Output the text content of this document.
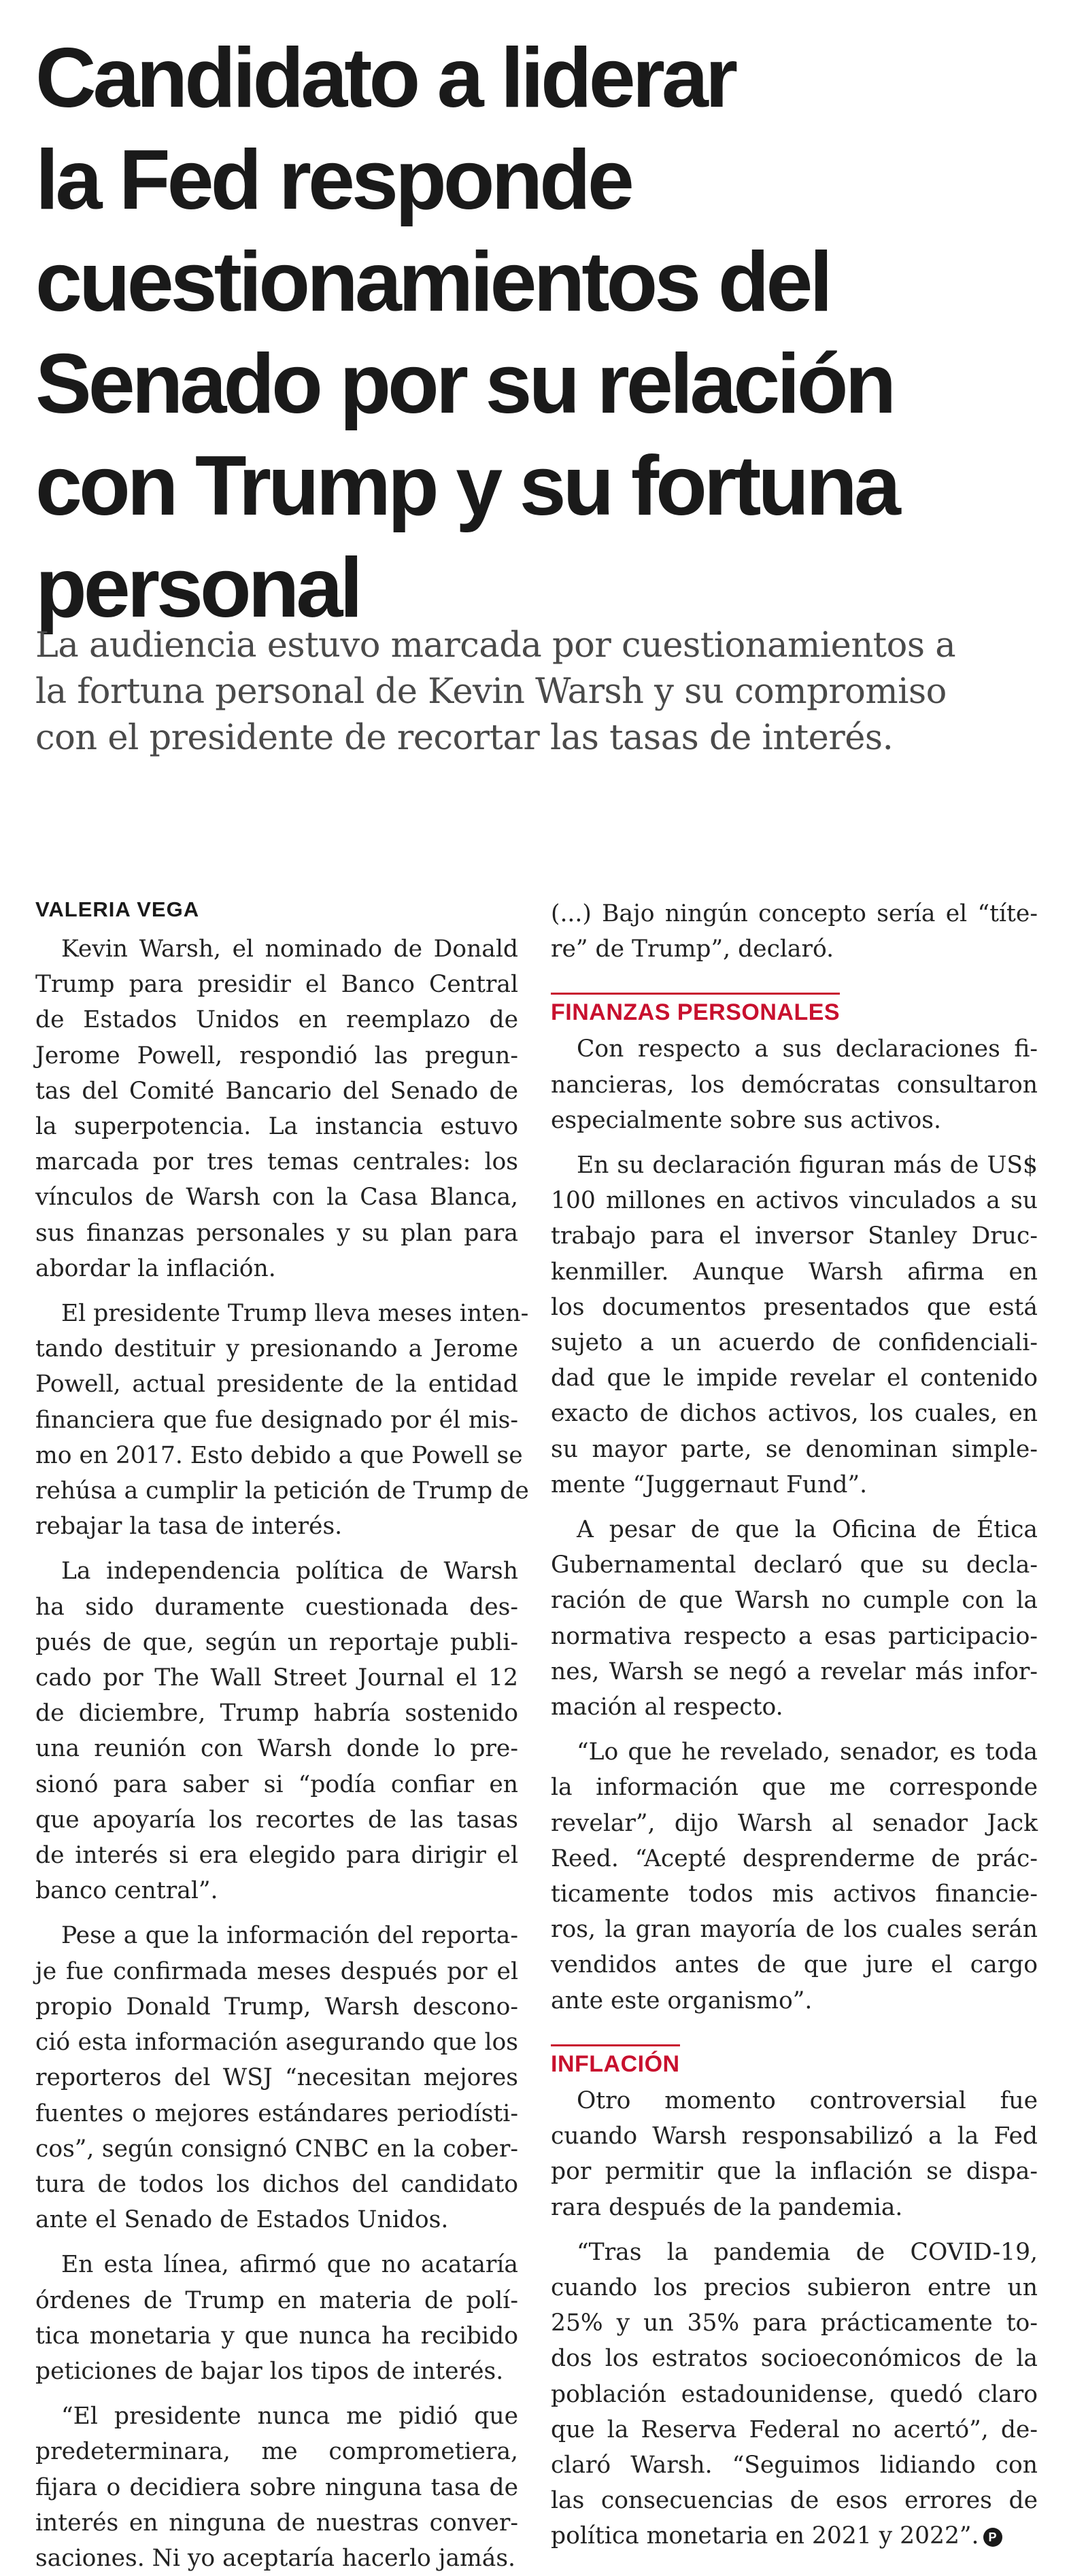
Candidato a liderar
la Fed responde
cuestionamientos del
Senado por su relación
con Trump y su fortuna
personal

La audiencia estuvo marcada por cuestionamientos a
la fortuna personal de Kevin Warsh y su compromiso
con el presidente de recortar las tasas de interés.

VALERIA VEGA
Kevin Warsh, el nominado de Donald
Trump para presidir el Banco Central
de Estados Unidos en reemplazo de
Jerome Powell, respondió las pregun-
tas del Comité Bancario del Senado de
la superpotencia. La instancia estuvo
marcada por tres temas centrales: los
vínculos de Warsh con la Casa Blanca,
sus finanzas personales y su plan para
abordar la inflación.
El presidente Trump lleva meses inten-
tando destituir y presionando a Jerome
Powell, actual presidente de la entidad
financiera que fue designado por él mis-
mo en 2017. Esto debido a que Powell se
rehúsa a cumplir la petición de Trump de
rebajar la tasa de interés.
La independencia política de Warsh
ha sido duramente cuestionada des-
pués de que, según un reportaje publi-
cado por The Wall Street Journal el 12
de diciembre, Trump habría sostenido
una reunión con Warsh donde lo pre-
sionó para saber si “podía confiar en
que apoyaría los recortes de las tasas
de interés si era elegido para dirigir el
banco central”.
Pese a que la información del reporta-
je fue confirmada meses después por el
propio Donald Trump, Warsh descono-
ció esta información asegurando que los
reporteros del WSJ “necesitan mejores
fuentes o mejores estándares periodísti-
cos”, según consignó CNBC en la cober-
tura de todos los dichos del candidato
ante el Senado de Estados Unidos.
En esta línea, afirmó que no acataría
órdenes de Trump en materia de polí-
tica monetaria y que nunca ha recibido
peticiones de bajar los tipos de interés.
“El presidente nunca me pidió que
predeterminara, me comprometiera,
fijara o decidiera sobre ninguna tasa de
interés en ninguna de nuestras conver-
saciones. Ni yo aceptaría hacerlo jamás.
(...) Bajo ningún concepto sería el “títe-
re” de Trump”, declaró.
FINANZAS PERSONALES
Con respecto a sus declaraciones fi-
nancieras, los demócratas consultaron
especialmente sobre sus activos.
En su declaración figuran más de US$
100 millones en activos vinculados a su
trabajo para el inversor Stanley Druc-
kenmiller. Aunque Warsh afirma en
los documentos presentados que está
sujeto a un acuerdo de confidenciali-
dad que le impide revelar el contenido
exacto de dichos activos, los cuales, en
su mayor parte, se denominan simple-
mente “Juggernaut Fund”.
A pesar de que la Oficina de Ética
Gubernamental declaró que su decla-
ración de que Warsh no cumple con la
normativa respecto a esas participacio-
nes, Warsh se negó a revelar más infor-
mación al respecto.
“Lo que he revelado, senador, es toda
la información que me corresponde
revelar”, dijo Warsh al senador Jack
Reed. “Acepté desprenderme de prác-
ticamente todos mis activos financie-
ros, la gran mayoría de los cuales serán
vendidos antes de que jure el cargo
ante este organismo”.
INFLACIÓN
Otro momento controversial fue
cuando Warsh responsabilizó a la Fed
por permitir que la inflación se dispa-
rara después de la pandemia.
“Tras la pandemia de COVID-19,
cuando los precios subieron entre un
25% y un 35% para prácticamente to-
dos los estratos socioeconómicos de la
población estadounidense, quedó claro
que la Reserva Federal no acertó”, de-
claró Warsh. “Seguimos lidiando con
las consecuencias de esos errores de
política monetaria en 2021 y 2022”. P
